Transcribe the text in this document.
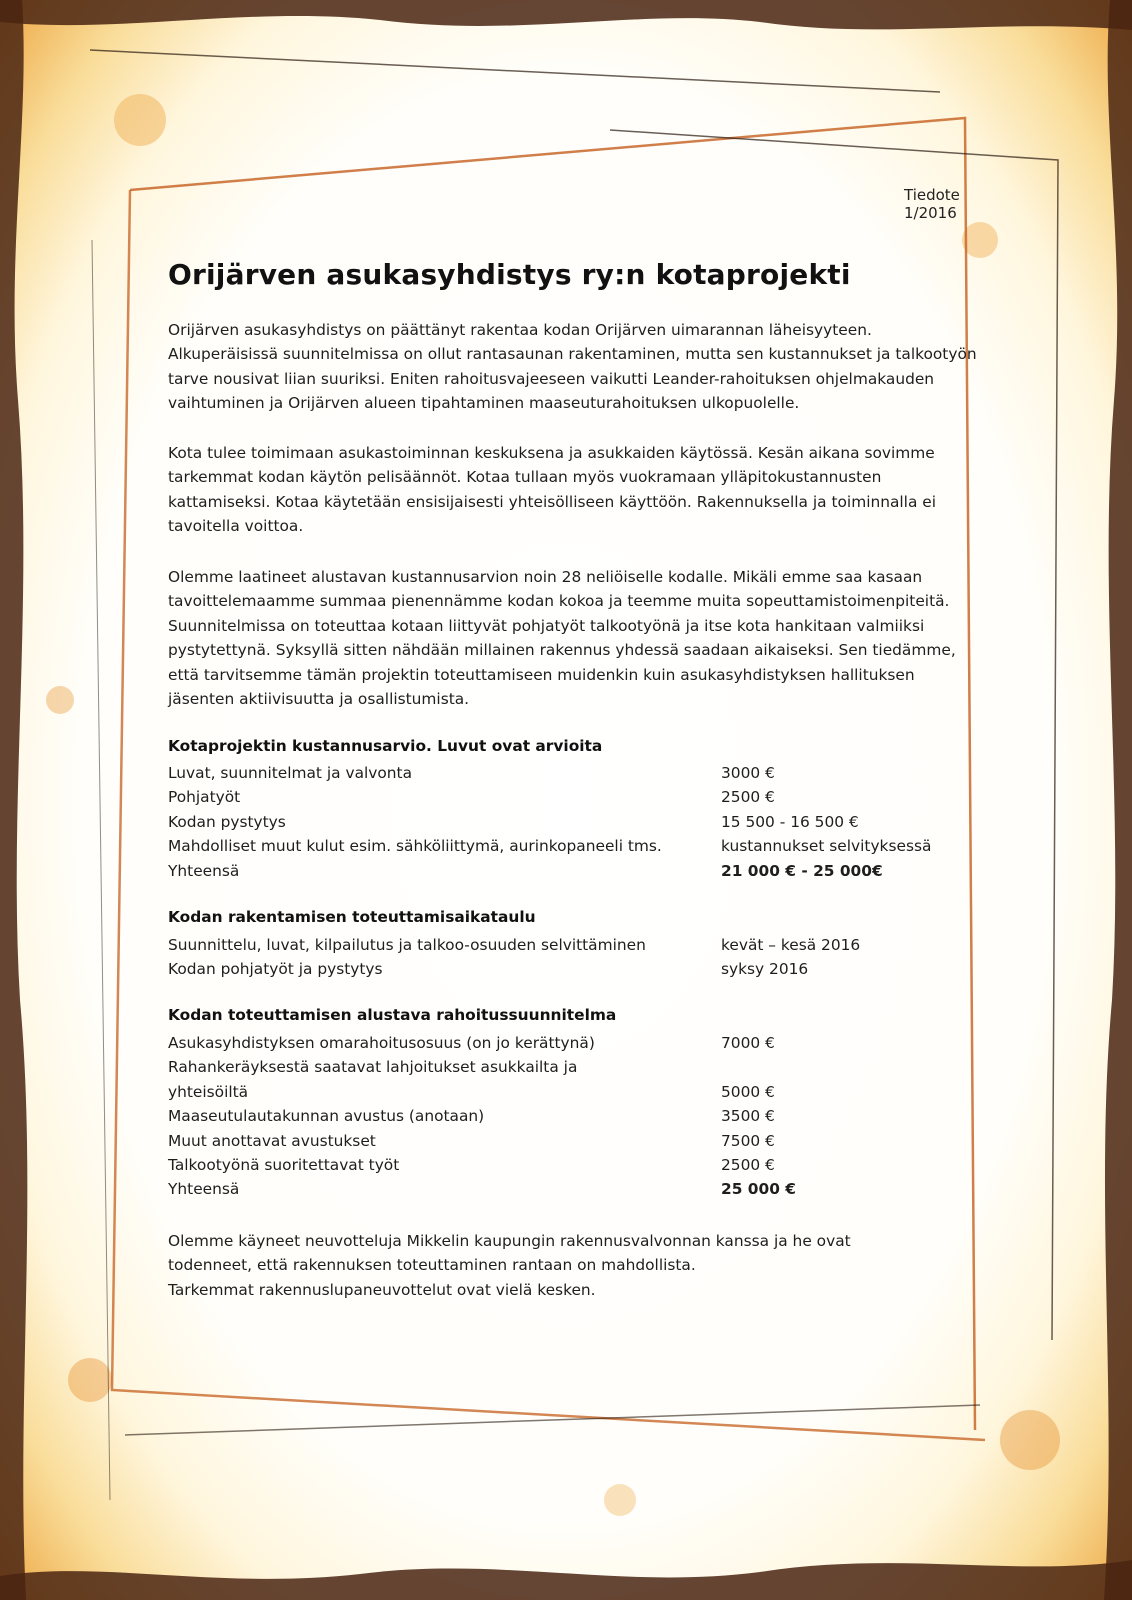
Tiedote 1/2016
Orijärven asukasyhdistys ry:n kotaprojekti

Orijärven asukasyhdistys on päättänyt rakentaa kodan Orijärven uimarannan läheisyyteen. Alkuperäisissä suunnitelmissa on ollut rantasaunan rakentaminen, mutta sen kustannukset ja talkootyön tarve nousivat liian suuriksi. Eniten rahoitusvajeeseen vaikutti Leander-rahoituksen ohjelmakauden vaihtuminen ja Orijärven alueen tipahtaminen maaseuturahoituksen ulkopuolelle.

Kota tulee toimimaan asukastoiminnan keskuksena ja asukkaiden käytössä. Kesän aikana sovimme tarkemmat kodan käytön pelisäännöt. Kotaa tullaan myös vuokramaan ylläpitokustannusten kattamiseksi. Kotaa käytetään ensisijaisesti yhteisölliseen käyttöön. Rakennuksella ja toiminnalla ei tavoitella voittoa.

Olemme laatineet alustavan kustannusarvion noin 28 neliöiselle kodalle. Mikäli emme saa kasaan tavoittelemaamme summaa pienennämme kodan kokoa ja teemme muita sopeuttamistoimenpiteitä. Suunnitelmissa on toteuttaa kotaan liittyvät pohjatyöt talkootyönä ja itse kota hankitaan valmiiksi pystytettynä. Syksyllä sitten nähdään millainen rakennus yhdessä saadaan aikaiseksi. Sen tiedämme, että tarvitsemme tämän projektin toteuttamiseen muidenkin kuin asukasyhdistyksen hallituksen jäsenten aktiivisuutta ja osallistumista.

Kotaprojektin kustannusarvio. Luvut ovat arvioita
Luvat, suunnitelmat ja valvonta	3000 €
Pohjatyöt	2500 €
Kodan pystytys	15 500 - 16 500 €
Mahdolliset muut kulut esim. sähköliittymä, aurinkopaneeli tms.	kustannukset selvityksessä
Yhteensä	21 000 € - 25 000€
Kodan rakentamisen toteuttamisaikataulu
Suunnittelu, luvat, kilpailutus ja talkoo-osuuden selvittäminen	kevät – kesä 2016
Kodan pohjatyöt ja pystytys	syksy 2016
Kodan toteuttamisen alustava rahoitussuunnitelma
Asukasyhdistyksen omarahoitusosuus (on jo kerättynä)	7000 €
Rahankeräyksestä saatavat lahjoitukset asukkailta ja yhteisöiltä	5000 €
Maaseutulautakunnan avustus (anotaan)	3500 €
Muut anottavat avustukset	7500 €
Talkootyönä suoritettavat työt	2500 €
Yhteensä	25 000 €

Olemme käyneet neuvotteluja Mikkelin kaupungin rakennusvalvonnan kanssa ja he ovat todenneet, että rakennuksen toteuttaminen rantaan on mahdollista.

Tarkemmat rakennuslupaneuvottelut ovat vielä kesken.
